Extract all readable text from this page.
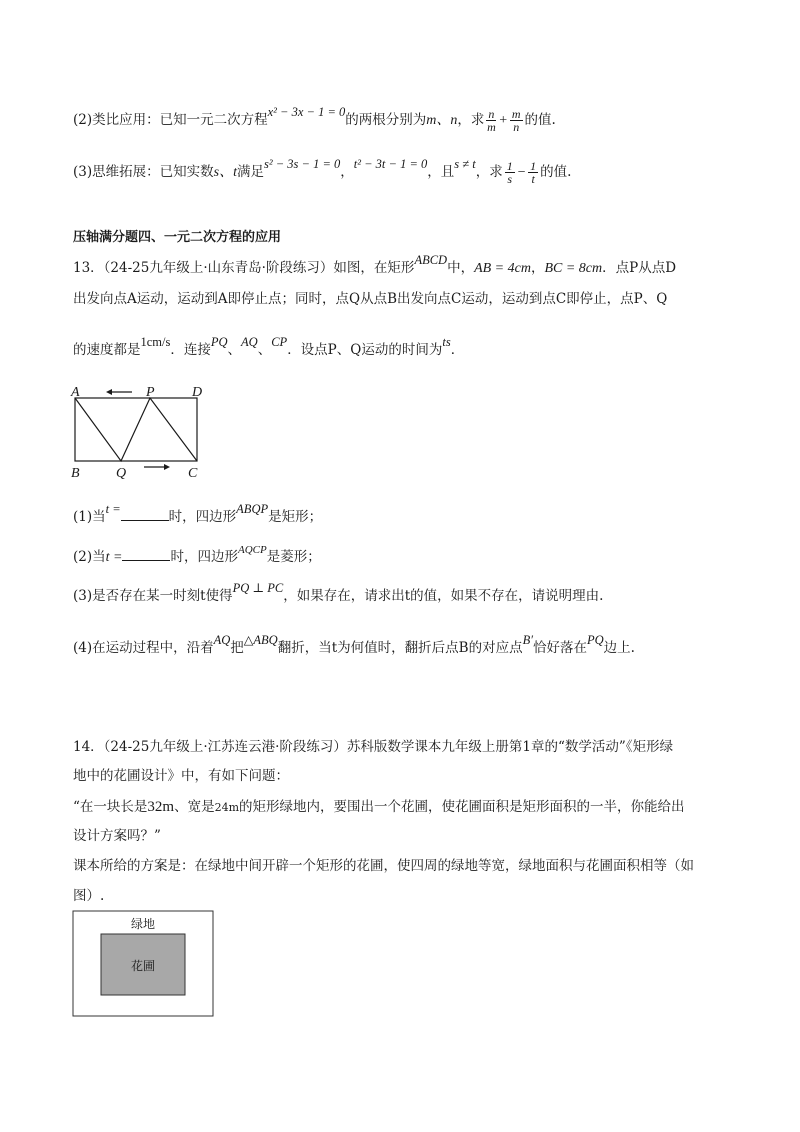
(2)类比应用：已知一元二次方程x² − 3x − 1 = 0的两根分别为m、n，求 $\frac{n}{m} + \frac{m}{n}$ 的值.
(3)思维拓展：已知实数s、t满足s² − 3s − 1 = 0，t² − 3t − 1 = 0，且s ≠ t，求 $\frac{1}{s} - \frac{1}{t}$ 的值.
压轴满分题四、一元二次方程的应用
13．（24-25九年级上·山东青岛·阶段练习）如图，在矩形ABCD中，AB = 4cm，BC = 8cm．点P从点D
出发向点A运动，运动到A即停止点；同时，点Q从点B出发向点C运动，运动到点C即停止，点P、Q
的速度都是1cm/s．连接PQ、AQ、CP．设点P、Q运动的时间为ts．
A	P	D
B	Q	C
(1)当t =	时，四边形ABQP是矩形；
(2)当t =	时，四边形$^{AQCP}$是菱形；
(3)是否存在某一时刻t使得PQ ⊥ PC，如果存在，请求出t的值，如果不存在，请说明理由.
(4)在运动过程中，沿着AQ把△ABQ翻折，当t为何值时，翻折后点B的对应点B′恰好落在PQ边上.
14．（24-25九年级上·江苏连云港·阶段练习）苏科版数学课本九年级上册第1章的“数学活动”《矩形绿
地中的花圃设计》中，有如下问题：
“在一块长是32m、宽是24m的矩形绿地内，要围出一个花圃，使花圃面积是矩形面积的一半，你能给出
设计方案吗？”
课本所给的方案是：在绿地中间开辟一个矩形的花圃，使四周的绿地等宽，绿地面积与花圃面积相等（如
图）.
绿地
花圃
